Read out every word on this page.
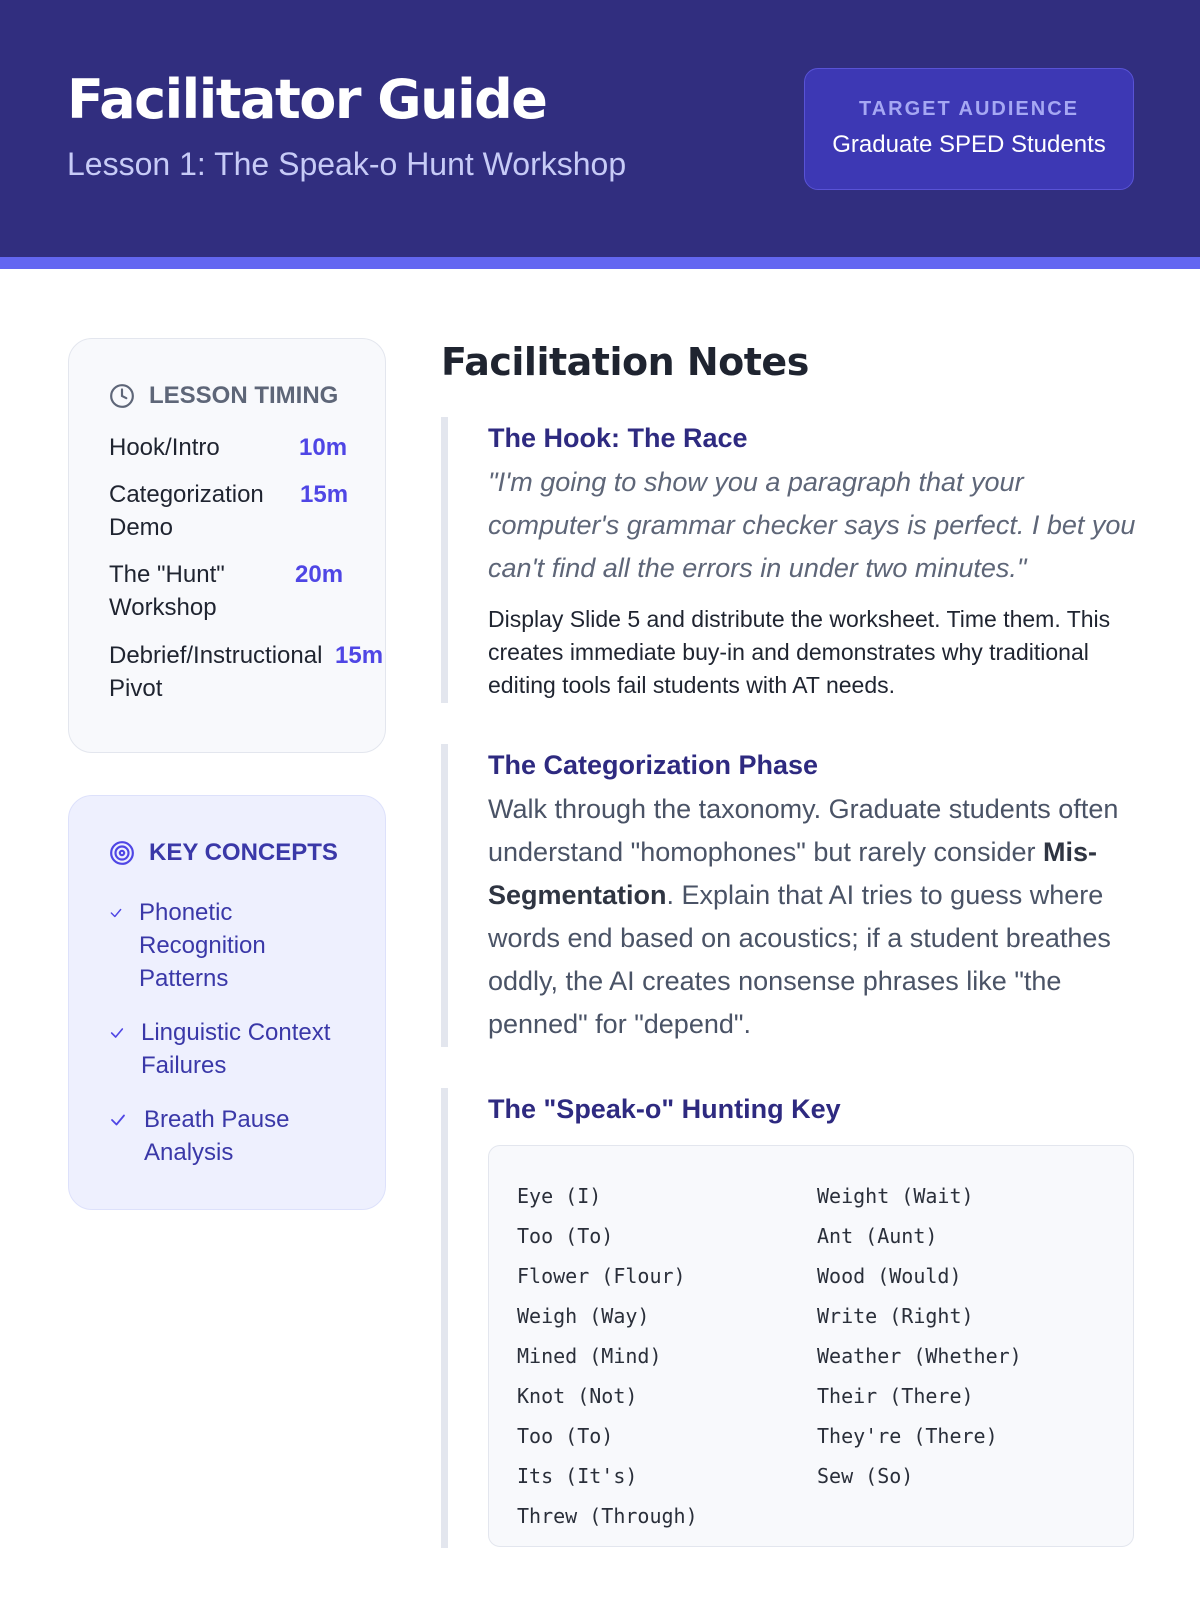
Facilitator Guide
Lesson 1: The Speak-o Hunt Workshop
TARGET AUDIENCE
Graduate SPED Students
LESSON TIMING
Hook/Intro	10m
Categorization Demo
15m
The "Hunt" Workshop
20m
Debrief/Instructional Pivot
15m
KEY CONCEPTS
Phonetic Recognition Patterns
Linguistic Context Failures
Breath Pause Analysis
Facilitation Notes
The Hook: The Race
"I'm going to show you a paragraph that your computer's grammar checker says is perfect. I bet you can't find all the errors in under two minutes."
Display Slide 5 and distribute the worksheet. Time them. This creates immediate buy-in and demonstrates why traditional editing tools fail students with AT needs.
The Categorization Phase
Walk through the taxonomy. Graduate students often understand "homophones" but rarely consider Mis-Segmentation. Explain that AI tries to guess where words end based on acoustics; if a student breathes oddly, the AI creates nonsense phrases like "the penned" for "depend".
The "Speak-o" Hunting Key
Eye (I)
Too (To)
Flower (Flour)
Weigh (Way)
Mined (Mind)
Knot (Not)
Too (To)
Its (It's)
Threw (Through)
Weight (Wait)
Ant (Aunt)
Wood (Would)
Write (Right)
Weather (Whether)
Their (There)
They're (There)
Sew (So)
